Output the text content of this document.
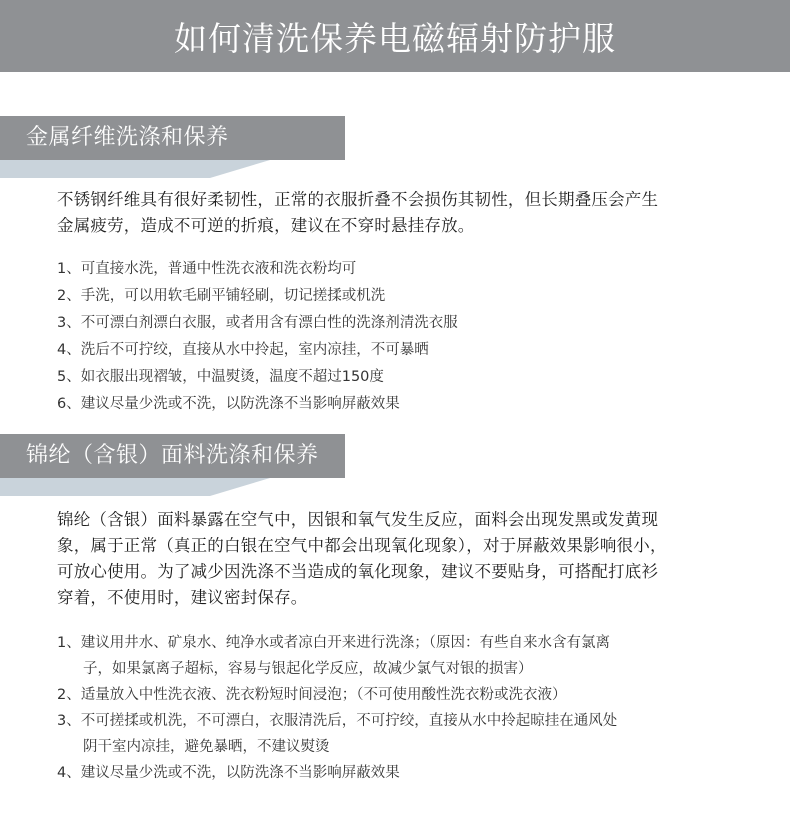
如何清洗保养电磁辐射防护服
金属纤维洗涤和保养
不锈钢纤维具有很好柔韧性，正常的衣服折叠不会损伤其韧性，但长期叠压会产生
金属疲劳，造成不可逆的折痕，建议在不穿时悬挂存放。
1、可直接水洗，普通中性洗衣液和洗衣粉均可
2、手洗，可以用软毛刷平铺轻刷，切记搓揉或机洗
3、不可漂白剂漂白衣服，或者用含有漂白性的洗涤剂清洗衣服
4、洗后不可拧绞，直接从水中拎起，室内凉挂，不可暴晒
5、如衣服出现褶皱，中温熨烫，温度不超过150度
6、建议尽量少洗或不洗，以防洗涤不当影响屏蔽效果
锦纶（含银）面料洗涤和保养
锦纶（含银）面料暴露在空气中，因银和氧气发生反应，面料会出现发黑或发黄现
象，属于正常（真正的白银在空气中都会出现氧化现象），对于屏蔽效果影响很小，
可放心使用。为了减少因洗涤不当造成的氧化现象，建议不要贴身，可搭配打底衫
穿着，不使用时，建议密封保存。
1、建议用井水、矿泉水、纯净水或者凉白开来进行洗涤；（原因：有些自来水含有氯离
子，如果氯离子超标，容易与银起化学反应，故减少氯气对银的损害）
2、适量放入中性洗衣液、洗衣粉短时间浸泡；（不可使用酸性洗衣粉或洗衣液）
3、不可搓揉或机洗，不可漂白，衣服清洗后，不可拧绞，直接从水中拎起晾挂在通风处
阴干室内凉挂，避免暴晒，不建议熨烫
4、建议尽量少洗或不洗，以防洗涤不当影响屏蔽效果
